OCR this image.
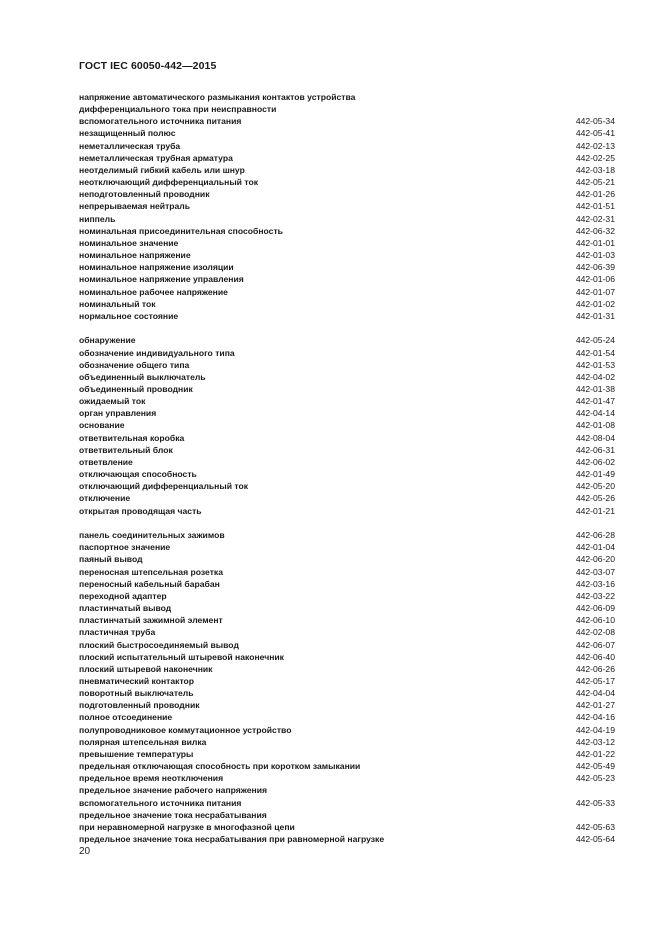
ГОСТ IEC 60050-442—2015
напряжение автоматического размыкания контактов устройства
дифференциального тока при неисправности
вспомогательного источника питания	442-05-34
незащищенный полюс	442-05-41
неметаллическая труба	442-02-13
неметаллическая трубная арматура	442-02-25
неотделимый гибкий кабель или шнур	442-03-18
неотключающий дифференциальный ток	442-05-21
неподготовленный проводник	442-01-26
непрерываемая нейтраль	442-01-51
ниппель	442-02-31
номинальная присоединительная способность	442-06-32
номинальное значение	442-01-01
номинальное напряжение	442-01-03
номинальное напряжение изоляции	442-06-39
номинальное напряжение управления	442-01-06
номинальное рабочее напряжение	442-01-07
номинальный ток	442-01-02
нормальное состояние	442-01-31
обнаружение	442-05-24
обозначение индивидуального типа	442-01-54
обозначение общего типа	442-01-53
объединенный выключатель	442-04-02
объединенный проводник	442-01-38
ожидаемый ток	442-01-47
орган управления	442-04-14
основание	442-01-08
ответвительная коробка	442-08-04
ответвительный блок	442-06-31
ответвление	442-06-02
отключающая способность	442-01-49
отключающий дифференциальный ток	442-05-20
отключение	442-05-26
открытая проводящая часть	442-01-21
панель соединительных зажимов	442-06-28
паспортное значение	442-01-04
паяный вывод	442-06-20
переносная штепсельная розетка	442-03-07
переносный кабельный барабан	442-03-16
переходной адаптер	442-03-22
пластинчатый вывод	442-06-09
пластинчатый зажимной элемент	442-06-10
пластичная труба	442-02-08
плоский быстросоединяемый вывод	442-06-07
плоский испытательный штыревой наконечник	442-06-40
плоский штыревой наконечник	442-06-26
пневматический контактор	442-05-17
поворотный выключатель	442-04-04
подготовленный проводник	442-01-27
полное отсоединение	442-04-16
полупроводниковое коммутационное устройство	442-04-19
полярная штепсельная вилка	442-03-12
превышение температуры	442-01-22
предельная отключающая способность при коротком замыкании	442-05-49
предельное время неотключения	442-05-23
предельное значение рабочего напряжения
вспомогательного источника питания	442-05-33
предельное значение тока несрабатывания
при неравномерной нагрузке в многофазной цепи	442-05-63
предельное значение тока несрабатывания при равномерной нагрузке	442-05-64
20
